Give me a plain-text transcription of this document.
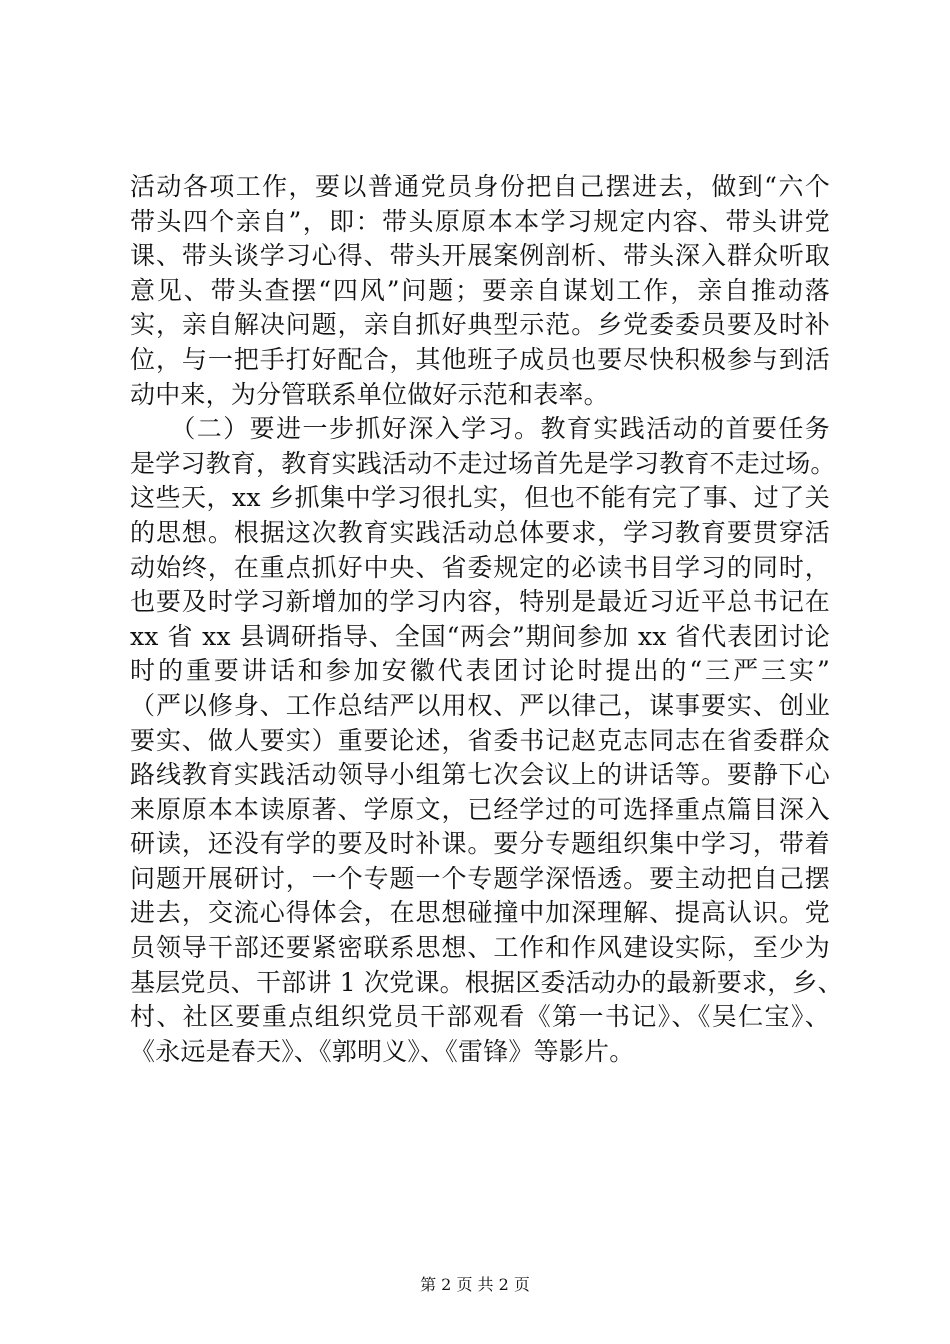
活动各项工作，要以普通党员身份把自己摆进去，做到“六个
带头四个亲自”，即：带头原原本本学习规定内容、带头讲党
课、带头谈学习心得、带头开展案例剖析、带头深入群众听取
意见、带头查摆“四风”问题；要亲自谋划工作，亲自推动落
实，亲自解决问题，亲自抓好典型示范。乡党委委员要及时补
位，与一把手打好配合，其他班子成员也要尽快积极参与到活
动中来，为分管联系单位做好示范和表率。
　　（二）要进一步抓好深入学习。教育实践活动的首要任务
是学习教育，教育实践活动不走过场首先是学习教育不走过场。
这些天，xx 乡抓集中学习很扎实，但也不能有完了事、过了关
的思想。根据这次教育实践活动总体要求，学习教育要贯穿活
动始终，在重点抓好中央、省委规定的必读书目学习的同时，
也要及时学习新增加的学习内容，特别是最近习近平总书记在
xx 省 xx 县调研指导、全国“两会”期间参加 xx 省代表团讨论
时的重要讲话和参加安徽代表团讨论时提出的“三严三实”
（严以修身、工作总结严以用权、严以律己，谋事要实、创业
要实、做人要实）重要论述，省委书记赵克志同志在省委群众
路线教育实践活动领导小组第七次会议上的讲话等。要静下心
来原原本本读原著、学原文，已经学过的可选择重点篇目深入
研读，还没有学的要及时补课。要分专题组织集中学习，带着
问题开展研讨，一个专题一个专题学深悟透。要主动把自己摆
进去，交流心得体会，在思想碰撞中加深理解、提高认识。党
员领导干部还要紧密联系思想、工作和作风建设实际，至少为
基层党员、干部讲 1 次党课。根据区委活动办的最新要求，乡、
村、社区要重点组织党员干部观看《第一书记》、《吴仁宝》、
《永远是春天》、《郭明义》、《雷锋》等影片。
第 2 页 共 2 页
